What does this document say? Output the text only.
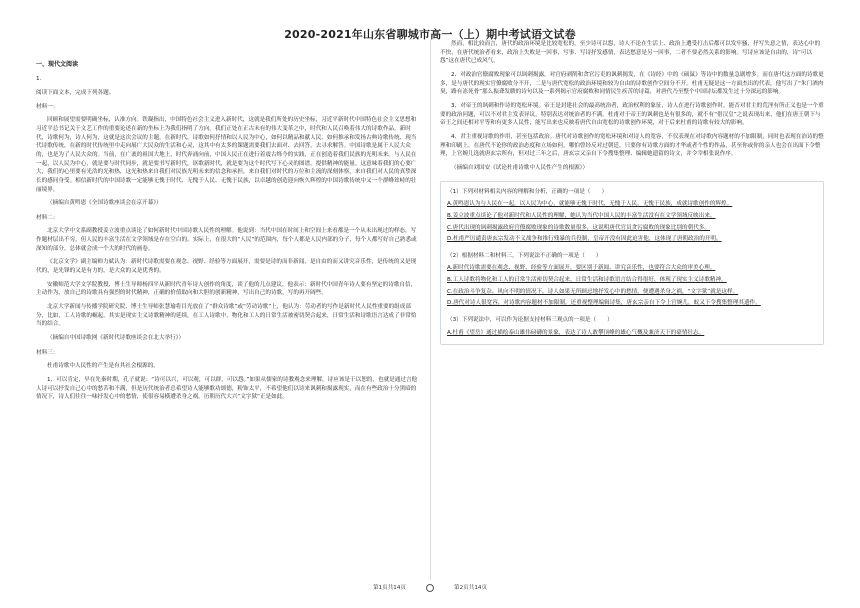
2020-2021年山东省聊城市高一（上）期中考试语文试卷
一、现代文阅读

1.

阅读下面文本，完成下列各题。

材料一：

回顾和展望需要明确坐标，认准方向。铁凝指出，中国特色社会主义进入新时代，这就是我们所处的历史坐标，习近平新时代中国特色社会主义思想和习近平总书记关于文艺工作的重要论述在新的坐标上为我们指明了方向。我们正处在正古未有的伟大变革之中，时代和人民召唤着伟大的诗歌作品。新时代，诗歌何为，诗人何为，这就是这次会议的主题。在新时代，诗歌如何抒情和以人民为中心，如何以精品和献人民，如何推承和发扬古典诗歌传统、现当代诗歌传统，在新的时代传统里中走向展广大民众的生活和心灵，这其中有太多的课题需要我们去面对、去回答，去寻求解答。中国诗歌是属于人民大众的，也是为了人民大众的。当前，在广袤的祖国大地上，时代奔涌向前，中国人民正在进行着震古烁今的实践，正在创造着我们民族的光明未来。与人民在一起，以人民为中心，就是要与时代同步，就是要书写新时代，讴歌新时代，就是要为这个时代写下心灵的图谱，提供精神的能量。这意味着我们的心要广大，我们的心里要有光浩的光和热，这光和热来自我们对民族光明未来的信念和承担，来自我们对时代的万位和主流的深刻体察，来自我们对人民的真挚深长的感同身受。相信新时代的中国诗歌一定能够无愧于时代、无愧于人民、无愧于民族，以卓越的创造迎向恢久辉煌的中国诗歌传统中又一个群峰耸峙的壮丽境界。

（摘编自黄鸣恩《全国诗歌座谈会在京开幕》）

材料二：

北京大学中文系副教授姜立波重点谈论了如何新时代中国诗歌人民性的理解。他说到：当代中国在时间上和空间上来看都是一个从未出现过的样态，写作题材层出不穷，但人民的丰富生活在文学领域是存在空白的。实际上，在很大的“人民”的范围内，每个人都是人民内部的分子，每个人都写好自己熟悉或深知的部分，总体就会成一个大的时代的画卷。

《北京文学》副主编师力斌认为：新时代诗歌需要在观念、视野、经验等方面展开，需要是诗的而非新闻，是自由的而又讲究音乐性，是传统的又是现代的，是先锋的又是有力的，是大众的又是优秀的。

安徽师范大学文学院教授、博士生导师杨四平从新时代青年诗人创作的角度，谈了他的几点建议，他表示：新时代中国青年诗人要有坚定的诗歌自信，主动作为，放自己的诗歌具有强烈的时代精神，正确的价值取向和大胆的创新精神，写出自己的诗歌，写的再开阔些。

北京大学新闻与传播学院研究院、博士生导师张慧瑜将目光放在了“群众诗歌”或“劳动诗歌”上，他认为：劳动者的写作是新时代人民性重要的组成部分，比如，工人诗歌的崛起，其实是现实主义诗歌精神的延续，在工人诗歌中，物化和工人的日常生活被密切契合起来，日常生活和诗歌语言达成了非常恰当的结合。

（摘编自中国诗歌网《新时代诗歌座谈会在北大举行》）

材料三：

杜甫诗歌中人民性的产生是有其社会根源的。

1、可以肯定，早在先秦时期，孔子就说：“诗可以兴，可以观，可以群，可以怨。”如果从儒家的诗教观念来理解，诗应该是干以恕的，也就是通过言他人诗可以抒发自己心中的愁苦和不满，但是历代统治者总希望诗人能够歌功颂德，粉饰太平，不希望他们以诗来讽刺和揭露现实，而在有些政治十分黑暗的情况下，诗人们往往一味抒发心中的愁情，使很容易横遭杀身之祸。历朝历代大兴“文字狱”正是如此。

然而，相比较而言，唐代的政治环境是比较宽松的，至少诗可以怨，诗人不论在生活上、政治上遭受打击后都可以发牢骚，抒写失意之情，表达心中的不快，在唐代统治者看来，政治上失败是一回事，写事、写诗抒发感情，表达愁意是另一回事，二者不要必然关系的影响。写诗应该是自由的，诗“可以怨”这在唐代已成风气。

2、对政治官僚腐败现象可以讽刺揭露，对官府剥削和贪官污吏的讽刺揭发，在《诗经》中的《硕鼠》等诗中的数量急剧增多。而在唐代这方面的诗歌更多，是与唐代的现实官僚腐败分不开，二是与唐代宽松的政治环境和较为自由的诗歌创作空间分不开。杜甫无疑是这一方面杰出的代表，他写出了“朱门酒肉臭，路有冻死骨”那么振聋发聩的诗句以及一系列揭示官府腐败和同情民生疾苦的诗篇，对唐代乃至整个中国诗坛都发生过十分深远的影响。

3、对帝王的讽刺和作诗的宽松环境。帝王是封建社会的最高统治者，政治权利的象征，诗人在进行诗歌创作时，能否对君主的荒淫有所正义也是一个重要的政治问题，可以不对君主发表异议，特别表达对统治者的不满。杜甫对于帝王的讽刺也是有很多的，就不有“借汉皇”之说表现出来，他们在唐王朝下与帝王之间还相对平等和有更多人民性，能写出来也反映着唐代自由宽松的诗歌创作环境，对于后来杜甫的诗歌有较大的影响。

4、君主重视诗歌的作用，甚至包括政治。唐代对诗歌创作的宽松环境和对诗人的宽容，不仅表现在对诗歌内容题材的不加限制，同时也表现在治诗的整理和印刷上，在唐代不论你的政治态度和立场如何，哪怕曾经反对过朝廷，只要你有诗歌方面的才华或者个性的作品，甚至你或你的亲人也会在出面下令整理，上官婉儿选就唐玄宗所有，但对过三年之后，唐玄宗又亲自下令搜集整理、编辑她遗留的诗文，并令宰相张说作序。

（摘编自刘国安《试论杜甫诗歌中人民性产生的根源》）

（1）下列对材料相关内容的理解和分析，正确的一项是（　　）

A.黄鸣恩认为与人民在一起，以人民为中心，就能够无愧于时代、无愧于人民、无愧于民族，成就诗歌创作的辉煌。

B.姜立波重点谈论了他对新时代和人民性的理解，她认为当代中国人民的丰富生活没有在文学领域反映出来。

C.唐代出现的讽刺揭露政府官僚腐败现象的诗歌数量很多，这说明唐代官员贪污腐败的现象比别的朝代多。

D.杜甫严厉谴责唐玄宗发动不义战争和推行残暴的兵役制，皇帝开没有因此迫害他，这体现了唐朝政治的开明。

（2）根据材料二和材料三，下列说法不正确的一项是（　　）

A.新时代诗歌需要在观念、视野、经验等方面展开，要区别于新闻、讲究音乐性，也要符合大众的审美心理。

B.工人诗歌将物化和工人的日常生活密切契合起来，日常生活和诗歌语言结合得很好，体现了现实主义诗歌精神。

C.在政治斗争复杂、风向不明的情况下，诗人如果无所顾忌地抒发心中的愁情，便遭遇杀身之祸，“文字狱”就是这样。

D.唐代对诗人很宽容，对诗歌内容题材不加限制，还重视整理编辑诗集，唐玄宗亲自下令上官婉儿，蚁又下令搜集整理其遗作。

（3）下列说法中，可以作为论据支持材料三观点的一项是（　　）

A.杜甫《望岳》通过描绘泰山雄伟磅礴的景象，表达了诗人敢攀顶峰的雄心气概及兼济天下的豪情壮志。

第1页共14页	第2页共14页
